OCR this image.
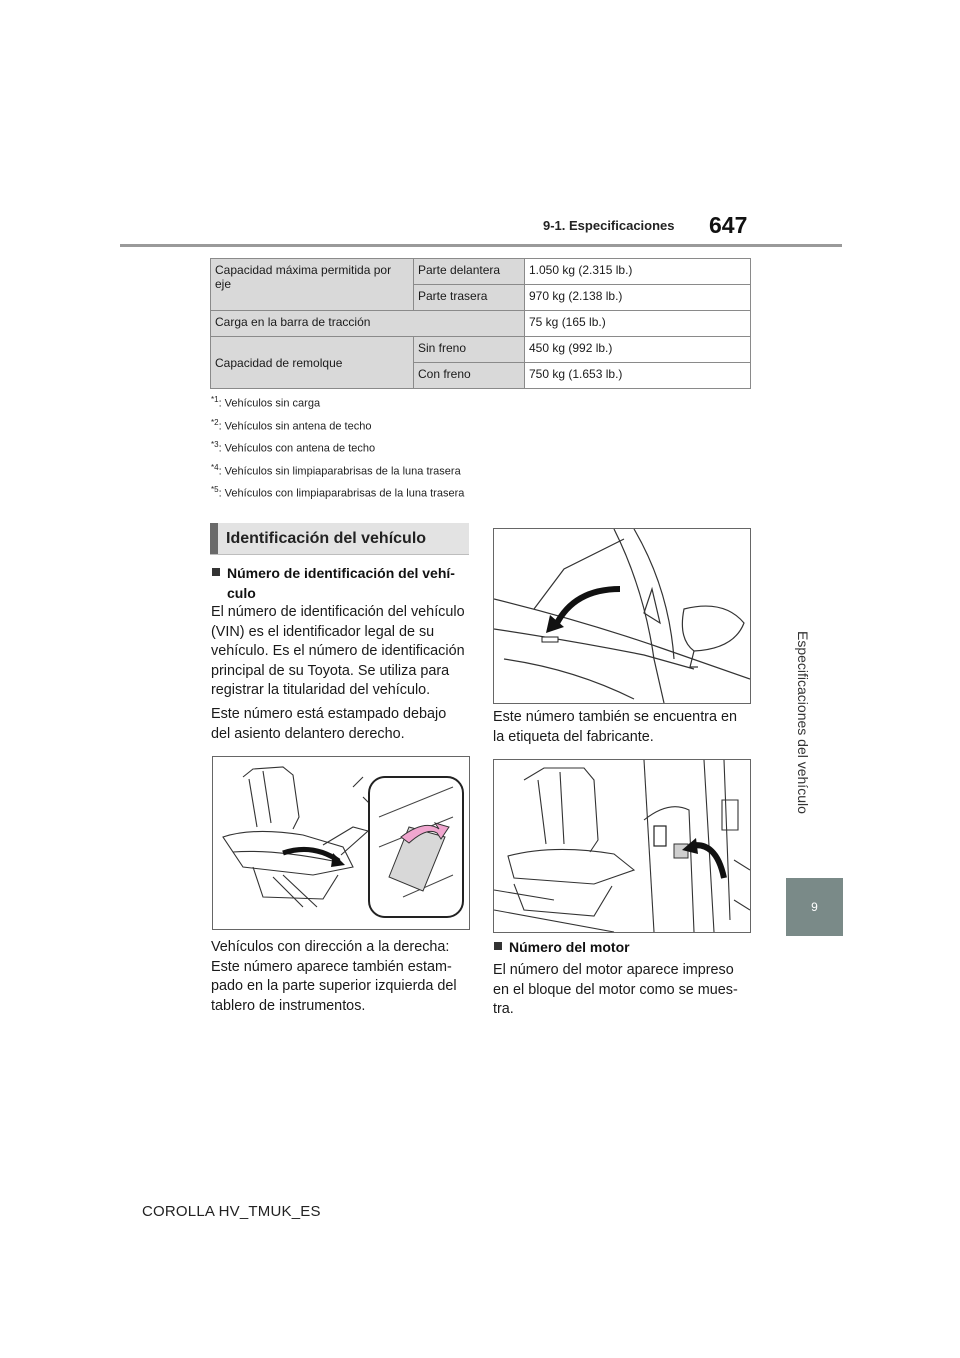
9-1. Especificaciones 647
Especificaciones del vehículo
9
Capacidad máxima permitida por eje	Parte delantera	1.050 kg (2.315 lb.)
	Parte trasera	970 kg (2.138 lb.)
Carga en la barra de tracción		75 kg (165 lb.)
Capacidad de remolque	Sin freno	450 kg (992 lb.)
	Con freno	750 kg (1.653 lb.)
$^{*1}$: Vehículos sin carga
$^{*2}$: Vehículos sin antena de techo
$^{*3}$: Vehículos con antena de techo
$^{*4}$: Vehículos sin limpiaparabrisas de la luna trasera
$^{*5}$: Vehículos con limpiaparabrisas de la luna trasera
Identificación del vehículo
Número de identificación del vehí-
culo
El número de identificación del vehículo
(VIN) es el identificador legal de su
vehículo. Es el número de identificación
principal de su Toyota. Se utiliza para
registrar la titularidad del vehículo.
Este número está estampado debajo
del asiento delantero derecho.
Vehículos con dirección a la derecha:
Este número aparece también estam-
pado en la parte superior izquierda del
tablero de instrumentos.
Este número también se encuentra en
la etiqueta del fabricante.
Número del motor
El número del motor aparece impreso
en el bloque del motor como se mues-
tra.
COROLLA HV_TMUK_ES
